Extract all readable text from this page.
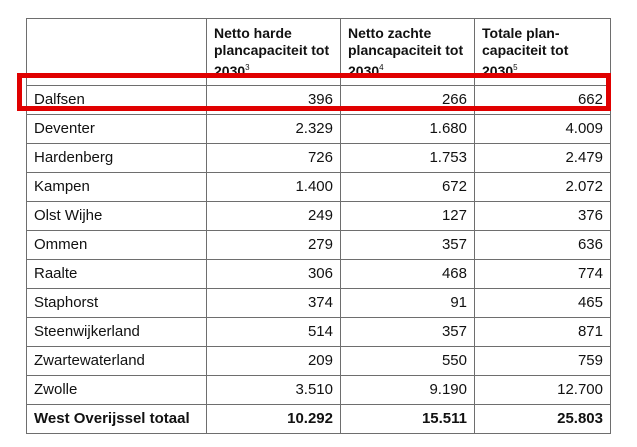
	Netto harde plancapaciteit tot 2030$^3$	Netto zachte plancapaciteit tot 2030$^4$	Totale plan-capaciteit tot 2030$^5$

Dalfsen	396	266	662
Deventer	2.329	1.680	4.009
Hardenberg	726	1.753	2.479
Kampen	1.400	672	2.072
Olst Wijhe	249	127	376
Ommen	279	357	636
Raalte	306	468	774
Staphorst	374	91	465
Steenwijkerland	514	357	871
Zwartewaterland	209	550	759
Zwolle	3.510	9.190	12.700
West Overijssel totaal	10.292	15.511	25.803
